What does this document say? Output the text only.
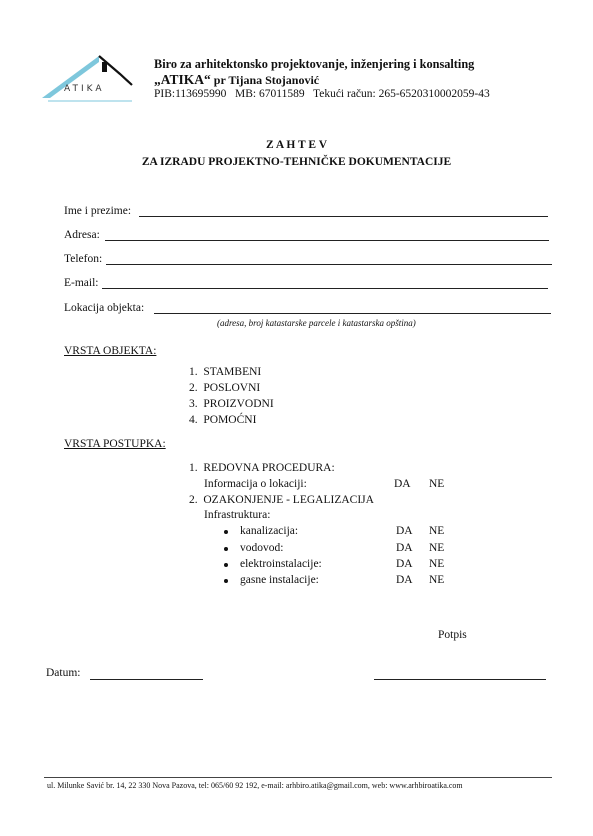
ATIKA
Biro za arhitektonsko projektovanje, inženjering i konsalting
„ATIKA“ pr Tijana Stojanović
PIB:113695990   MB: 67011589   Tekući račun: 265-6520310002059-43
Z A H T E V
ZA IZRADU PROJEKTNO-TEHNIČKE DOKUMENTACIJE
Ime i prezime:
Adresa:
Telefon:
E-mail:
Lokacija objekta:
(adresa, broj katastarske parcele i katastarska opština)
VRSTA OBJEKTA:
1.  STAMBENI
2.  POSLOVNI
3.  PROIZVODNI
4.  POMOĆNI
VRSTA POSTUPKA:
1.  REDOVNA PROCEDURA:
Informacija o lokaciji:	DA NE
2.  OZAKONJENJE - LEGALIZACIJA
Infrastruktura:
kanalizacija:	DA NE
vodovod:	DA NE
elektroinstalacije:	DA NE
gasne instalacije:	DA NE
Potpis
Datum:
ul. Milunke Savić br. 14, 22 330 Nova Pazova, tel: 065/60 92 192, e-mail: arhbiro.atika@gmail.com, web: www.arhbiroatika.com
